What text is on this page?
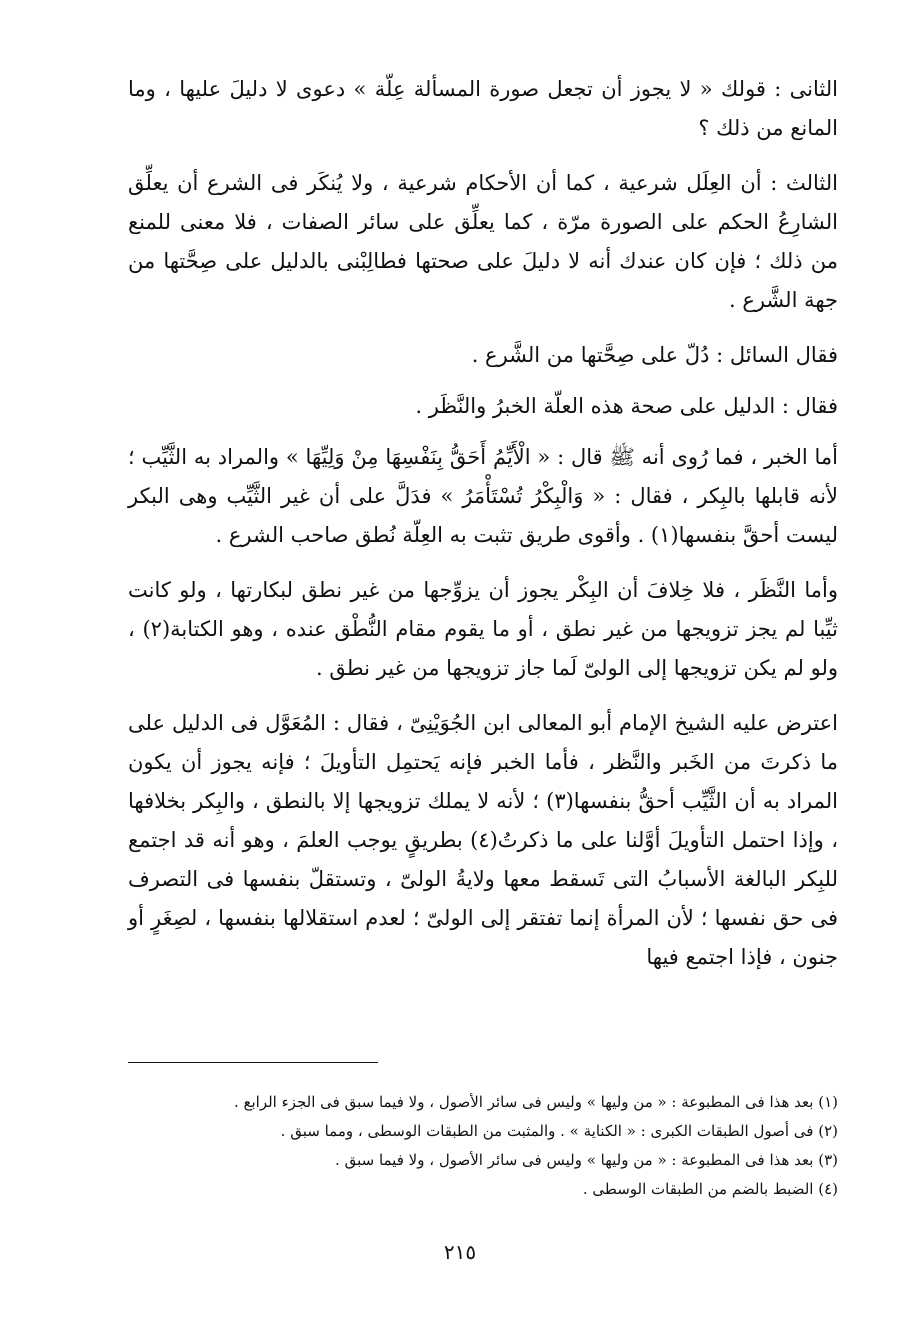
الثانى : قولك « لا يجوز أن تجعل صورة المسألة عِلّة » دعوى لا دليلَ عليها ، وما المانع من ذلك ؟

الثالث : أن العِلَل شرعية ، كما أن الأحكام شرعية ، ولا يُنكَر فى الشرع أن يعلِّق الشارِعُ الحكم على الصورة مرّة ، كما يعلِّق على سائر الصفات ، فلا معنى للمنع من ذلك ؛ فإن كان عندك أنه لا دليلَ على صحتها فطالِبْنى بالدليل على صِحَّتها من جهة الشَّرع .

فقال السائل : دُلّ على صِحَّتها من الشَّرع .

فقال : الدليل على صحة هذه العلّة الخبرُ والنَّظَر .

أما الخبر ، فما رُوى أنه ﷺ قال : « الْأَيِّمُ أَحَقُّ بِنَفْسِهَا مِنْ وَلِيِّهَا » والمراد به الثَّيِّب ؛ لأنه قابلها بالبِكر ، فقال : « وَالْبِكْرُ تُسْتَأْمَرُ » فدَلَّ على أن غير الثَّيِّب وهى البكر ليست أحقَّ بنفسها(١) . وأقوى طريق تثبت به العِلّة نُطق صاحب الشرع .

وأما النَّظَر ، فلا خِلافَ أن البِكْر يجوز أن يزوِّجها من غير نطق لبكارتها ، ولو كانت ثيِّبا لم يجز تزويجها من غير نطق ، أو ما يقوم مقام النُّطْق عنده ، وهو الكتابة(٢) ، ولو لم يكن تزويجها إلى الولىّ لَما جاز تزويجها من غير نطق .

اعترض عليه الشيخ الإمام أبو المعالى ابن الجُوَيْنِىّ ، فقال : المُعَوَّل فى الدليل على ما ذكرتَ من الخَبر والنَّظر ، فأما الخبر فإنه يَحتمِل التأويلَ ؛ فإنه يجوز أن يكون المراد به أن الثَّيِّب أحقُّ بنفسها(٣) ؛ لأنه لا يملك تزويجها إلا بالنطق ، والبِكر بخلافها ، وإذا احتمل التأويلَ أوَّلنا على ما ذكرتُ(٤) بطريقٍ يوجب العلمَ ، وهو أنه قد اجتمع للبِكر البالغة الأسبابُ التى تَسقط معها ولايةُ الولىّ ، وتستقلّ بنفسها فى التصرف فى حق نفسها ؛ لأن المرأة إنما تفتقر إلى الولىّ ؛ لعدم استقلالها بنفسها ، لصِغَرٍ أو جنون ، فإذا اجتمع فيها

(١) بعد هذا فى المطبوعة : « من وليها » وليس فى سائر الأصول ، ولا فيما سبق فى الجزء الرابع .
(٢) فى أصول الطبقات الكبرى : « الكناية » . والمثبت من الطبقات الوسطى ، ومما سبق .
(٣) بعد هذا فى المطبوعة : « من وليها » وليس فى سائر الأصول ، ولا فيما سبق .
(٤) الضبط بالضم من الطبقات الوسطى .
٢١٥
